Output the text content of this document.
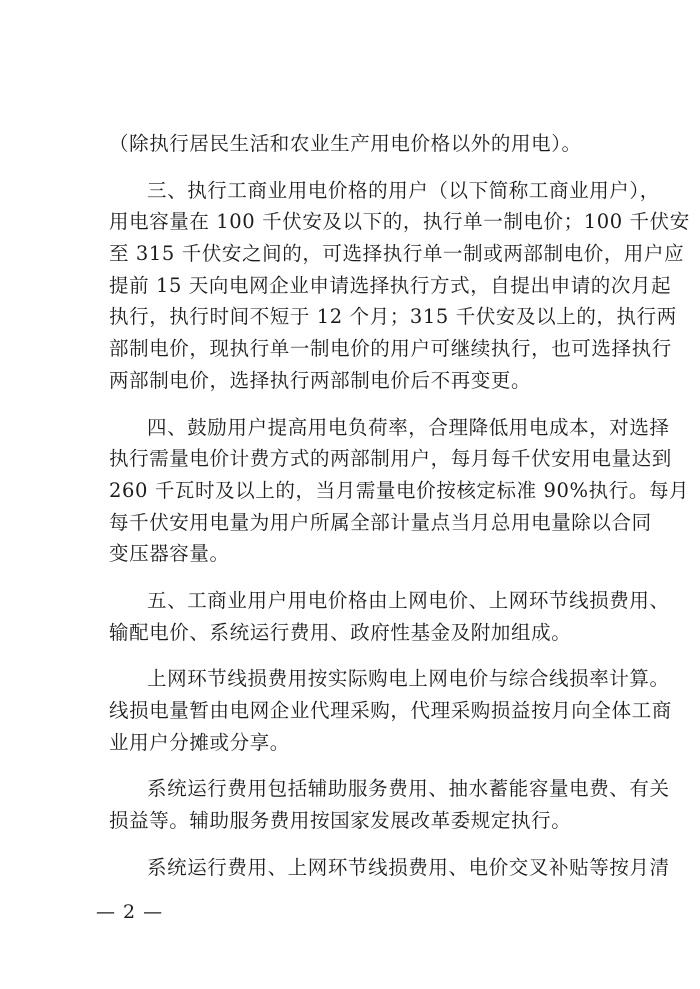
（除执行居民生活和农业生产用电价格以外的用电）。
三、执行工商业用电价格的用户（以下简称工商业用户），
用电容量在 100 千伏安及以下的，执行单一制电价；100 千伏安
至 315 千伏安之间的，可选择执行单一制或两部制电价，用户应
提前 15 天向电网企业申请选择执行方式，自提出申请的次月起
执行，执行时间不短于 12 个月；315 千伏安及以上的，执行两
部制电价，现执行单一制电价的用户可继续执行，也可选择执行
两部制电价，选择执行两部制电价后不再变更。
四、鼓励用户提高用电负荷率，合理降低用电成本，对选择
执行需量电价计费方式的两部制用户，每月每千伏安用电量达到
260 千瓦时及以上的，当月需量电价按核定标准 90%执行。每月
每千伏安用电量为用户所属全部计量点当月总用电量除以合同
变压器容量。
五、工商业用户用电价格由上网电价、上网环节线损费用、
输配电价、系统运行费用、政府性基金及附加组成。
上网环节线损费用按实际购电上网电价与综合线损率计算。
线损电量暂由电网企业代理采购，代理采购损益按月向全体工商
业用户分摊或分享。
系统运行费用包括辅助服务费用、抽水蓄能容量电费、有关
损益等。辅助服务费用按国家发展改革委规定执行。
系统运行费用、上网环节线损费用、电价交叉补贴等按月清
— 2 —
